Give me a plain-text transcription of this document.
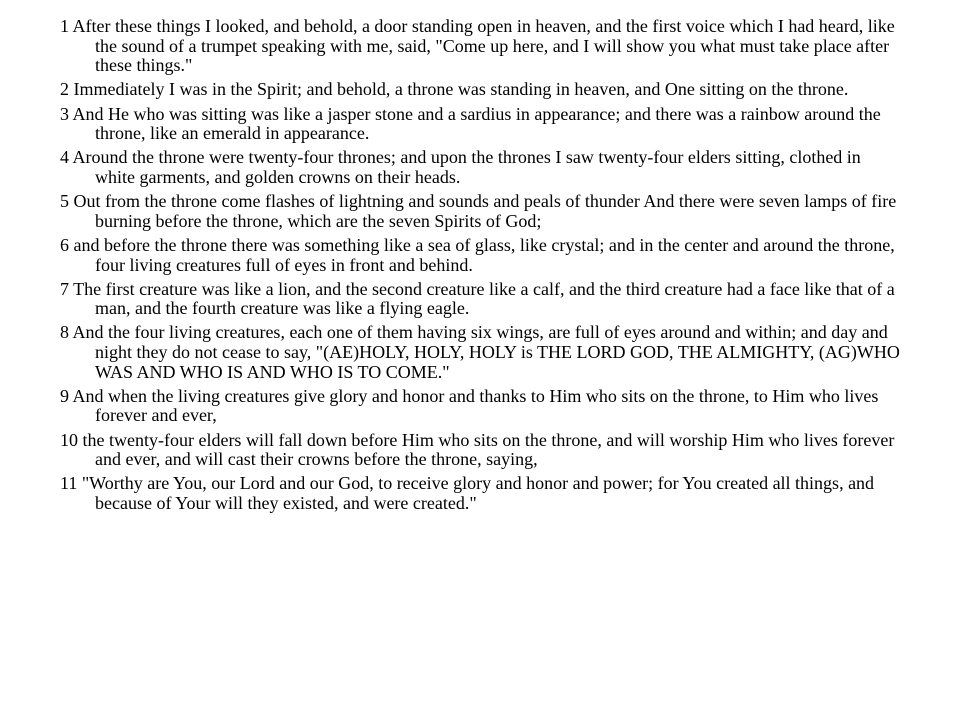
1 After these things I looked, and behold, a door standing open in heaven, and the first voice which I had heard, like the sound of a trumpet speaking with me, said, "Come up here, and I will show you what must take place after these things."

2 Immediately I was in the Spirit; and behold, a throne was standing in heaven, and One sitting on the throne.

3 And He who was sitting was like a jasper stone and a sardius in appearance; and there was a rainbow around the throne, like an emerald in appearance.

4 Around the throne were twenty-four thrones; and upon the thrones I saw twenty-four elders sitting, clothed in white garments, and golden crowns on their heads.

5 Out from the throne come flashes of lightning and sounds and peals of thunder And there were seven lamps of fire burning before the throne, which are the seven Spirits of God;

6 and before the throne there was something like a sea of glass, like crystal; and in the center and around the throne, four living creatures full of eyes in front and behind.

7 The first creature was like a lion, and the second creature like a calf, and the third creature had a face like that of a man, and the fourth creature was like a flying eagle.

8 And the four living creatures, each one of them having six wings, are full of eyes around and within; and day and night they do not cease to say, "(AE)HOLY, HOLY, HOLY is THE LORD GOD, THE ALMIGHTY, (AG)WHO WAS AND WHO IS AND WHO IS TO COME."

9 And when the living creatures give glory and honor and thanks to Him who sits on the throne, to Him who lives forever and ever,

10 the twenty-four elders will fall down before Him who sits on the throne, and will worship Him who lives forever and ever, and will cast their crowns before the throne, saying,

11 "Worthy are You, our Lord and our God, to receive glory and honor and power; for You created all things, and because of Your will they existed, and were created."
